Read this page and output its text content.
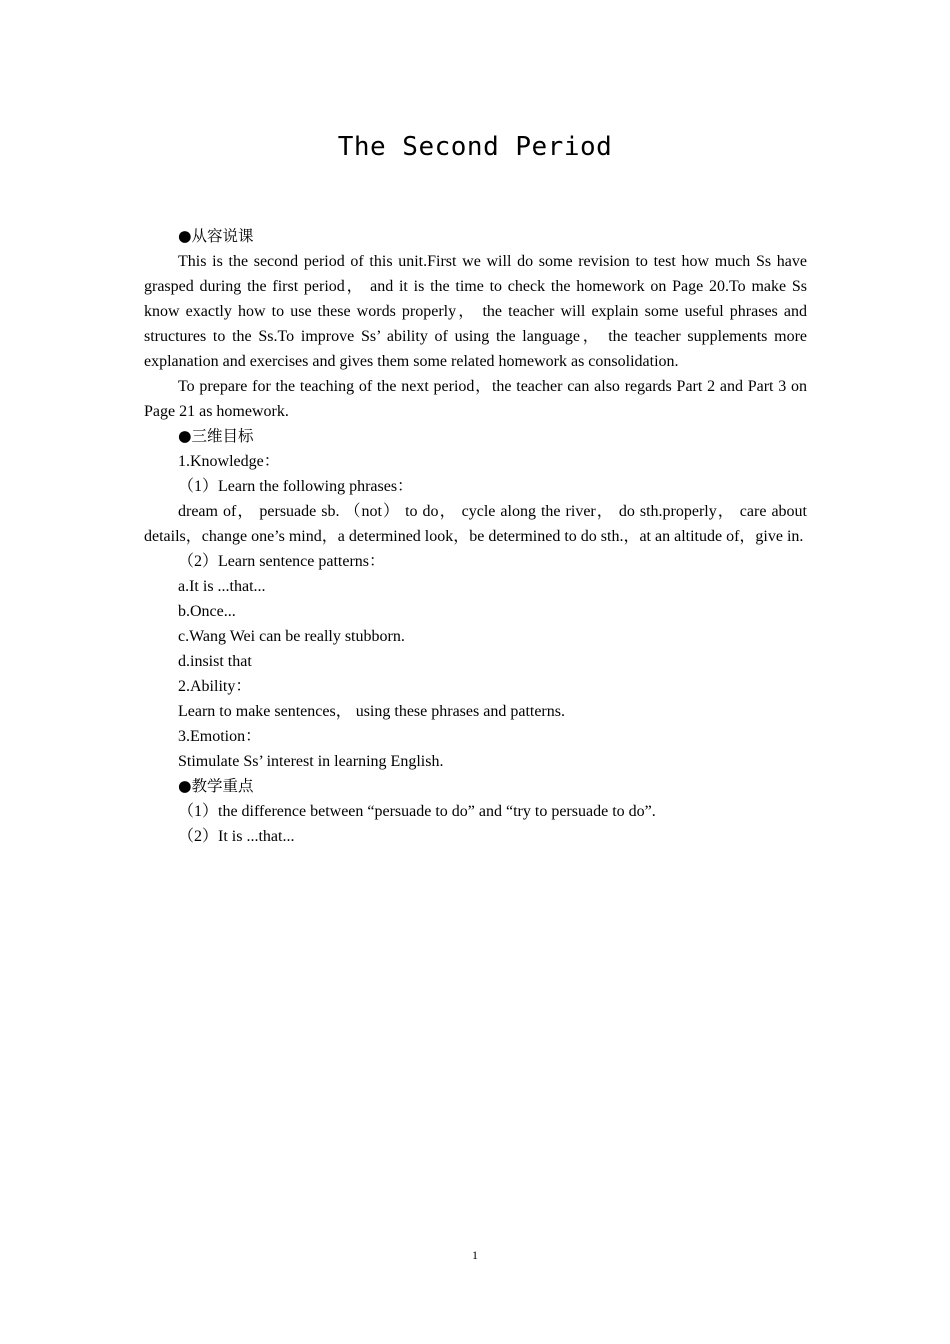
The Second Period

●从容说课

This is the second period of this unit.First we will do some revision to test how much Ss have grasped during the first period， and it is the time to check the homework on Page 20.To make Ss know exactly how to use these words properly， the teacher will explain some useful phrases and structures to the Ss.To improve Ss’ ability of using the language， the teacher supplements more explanation and exercises and gives them some related homework as consolidation.

To prepare for the teaching of the next period，the teacher can also regards Part 2 and Part 3 on Page 21 as homework.

●三维目标

1.Knowledge：

（1）Learn the following phrases：

dream of， persuade sb. （not） to do， cycle along the river， do sth.properly， care about details，change one’s mind，a determined look，be determined to do sth.，at an altitude of，give in.

（2）Learn sentence patterns：

a.It is ...that...

b.Once...

c.Wang Wei can be really stubborn.

d.insist that

2.Ability：

Learn to make sentences， using these phrases and patterns.

3.Emotion：

Stimulate Ss’ interest in learning English.

●教学重点

（1）the difference between “persuade to do” and “try to persuade to do”.

（2）It is ...that...

1
